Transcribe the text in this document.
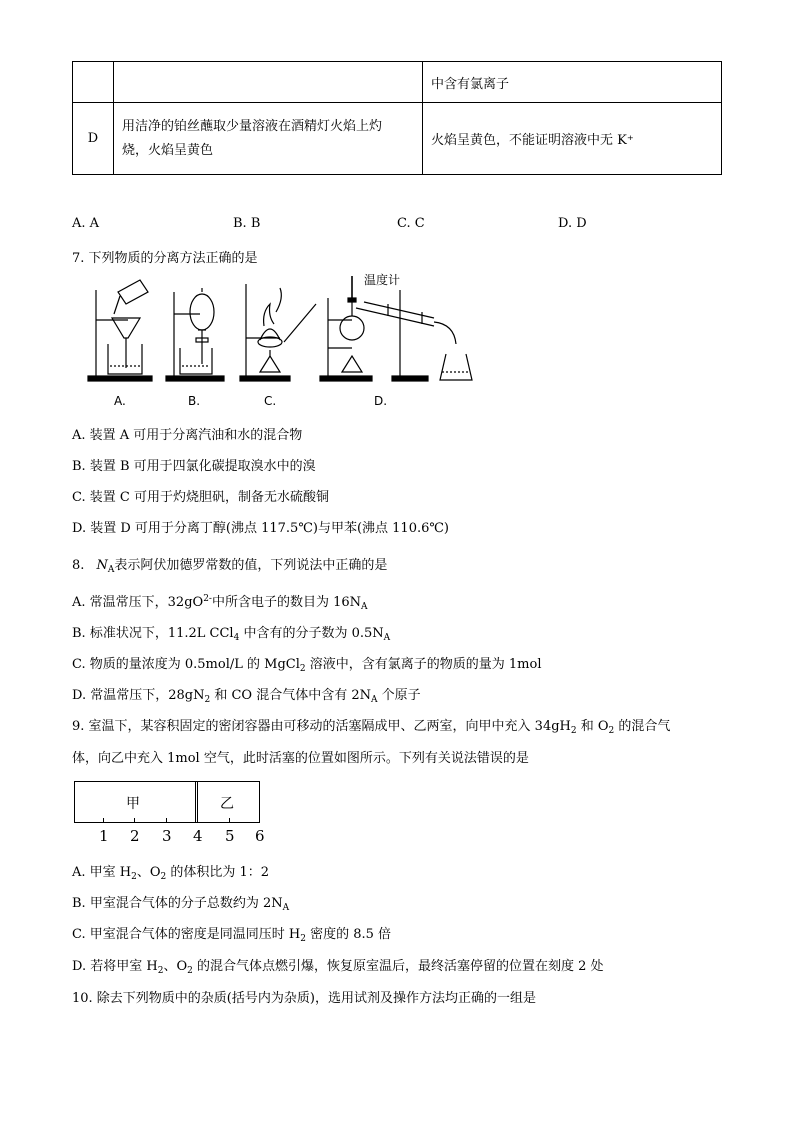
		中含有氯离子
D	用洁净的铂丝蘸取少量溶液在酒精灯火焰上灼
烧，火焰呈黄色	火焰呈黄色，不能证明溶液中无 K⁺
A. A	B. B	C. C	D. D
7. 下列物质的分离方法正确的是
A.	B.	C.	D.
温度计
A. 装置 A 可用于分离汽油和水的混合物
B. 装置 B 可用于四氯化碳提取溴水中的溴
C. 装置 C 可用于灼烧胆矾，制备无水硫酸铜
D. 装置 D 可用于分离丁醇(沸点 117.5℃)与甲苯(沸点 110.6℃)
8. $N_A$表示阿伏加德罗常数的值，下列说法中正确的是
A. 常温常压下，$32gO^{2-}$中所含电子的数目为 $16N_A$
B. 标准状况下，11.2L CCl$_4$ 中含有的分子数为 $0.5N_A$
C. 物质的量浓度为 0.5mol/L 的 MgCl$_2$ 溶液中，含有氯离子的物质的量为 1mol
D. 常温常压下，$28gN_2$ 和 CO 混合气体中含有 $2N_A$ 个原子
9. 室温下，某容积固定的密闭容器由可移动的活塞隔成甲、乙两室，向甲中充入 $34gH_2$ 和 $O_2$ 的混合气
体，向乙中充入 1mol 空气，此时活塞的位置如图所示。下列有关说法错误的是
甲	乙
1 2 3 4 5 6
A. 甲室 $H_2$、$O_2$ 的体积比为 1：2
B. 甲室混合气体的分子总数约为 $2N_A$
C. 甲室混合气体的密度是同温同压时 $H_2$ 密度的 8.5 倍
D. 若将甲室 $H_2$、$O_2$ 的混合气体点燃引爆，恢复原室温后，最终活塞停留的位置在刻度 2 处
10. 除去下列物质中的杂质(括号内为杂质)，选用试剂及操作方法均正确的一组是
